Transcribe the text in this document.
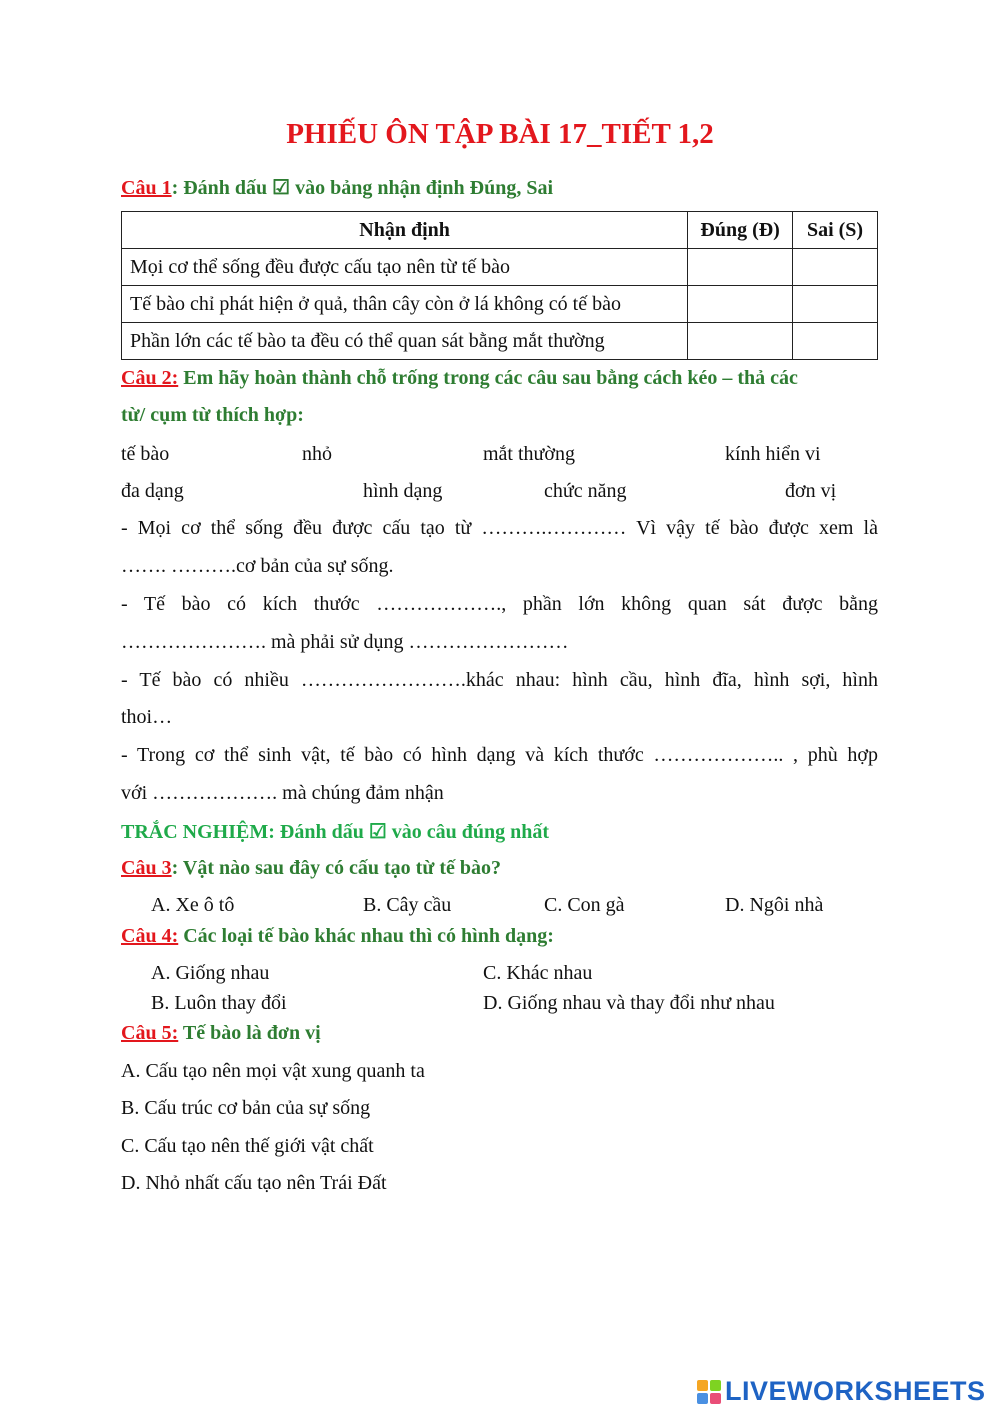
PHIẾU ÔN TẬP BÀI 17_TIẾT 1,2
Câu 1: Đánh dấu ☑ vào bảng nhận định Đúng, Sai
Nhận định	Đúng (Đ)	Sai (S)
Mọi cơ thể sống đều được cấu tạo nên từ tế bào		
Tế bào chỉ phát hiện ở quả, thân cây còn ở lá không có tế bào		
Phần lớn các tế bào ta đều có thể quan sát bằng mắt thường		
Câu 2: Em hãy hoàn thành chỗ trống trong các câu sau bằng cách kéo – thả các
từ/ cụm từ thích hợp:
tế bào	nhỏ	mắt thường	kính hiển vi
đa dạng	hình dạng	chức năng	đơn vị
- Mọi cơ thể sống đều được cấu tạo từ ……….………… Vì vậy tế bào được xem là
……. ……….cơ bản của sự sống.
- Tế bào có kích thước ………………., phần lớn không quan sát được bằng
…………………. mà phải sử dụng ……………………
- Tế bào có nhiều …………………….khác nhau: hình cầu, hình đĩa, hình sợi, hình
thoi…
- Trong cơ thể sinh vật, tế bào có hình dạng và kích thước ……………….. , phù hợp
với ………………. mà chúng đảm nhận
TRẮC NGHIỆM: Đánh dấu ☑ vào câu đúng nhất
Câu 3: Vật nào sau đây có cấu tạo từ tế bào?
A. Xe ô tô	B. Cây cầu	C. Con gà	D. Ngôi nhà
Câu 4: Các loại tế bào khác nhau thì có hình dạng:
A. Giống nhau	C. Khác nhau
B. Luôn thay đổi	D. Giống nhau và thay đổi như nhau
Câu 5: Tế bào là đơn vị
A. Cấu tạo nên mọi vật xung quanh ta
B. Cấu trúc cơ bản của sự sống
C. Cấu tạo nên thế giới vật chất
D. Nhỏ nhất cấu tạo nên Trái Đất
LIVEWORKSHEETS
